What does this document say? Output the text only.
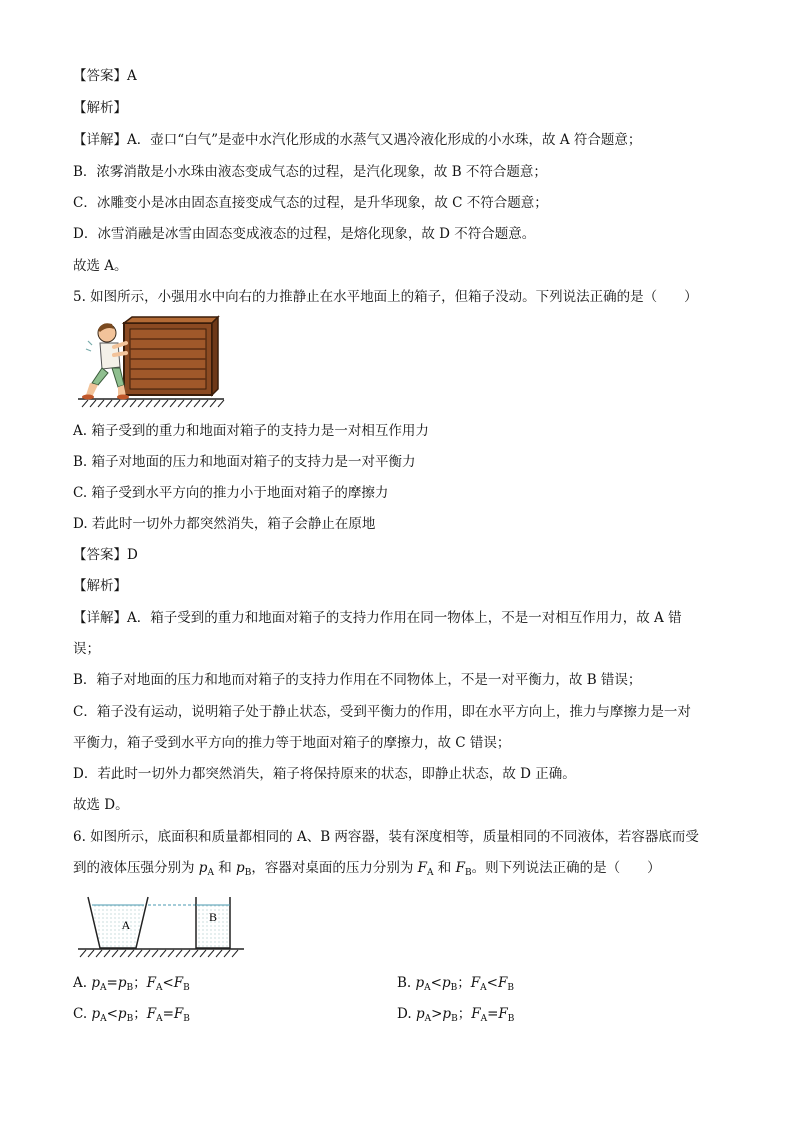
【答案】A
【解析】
【详解】A．壶口“白气”是壶中水汽化形成的水蒸气又遇冷液化形成的小水珠，故 A 符合题意；
B．浓雾消散是小水珠由液态变成气态的过程，是汽化现象，故 B 不符合题意；
C．冰雕变小是冰由固态直接变成气态的过程，是升华现象，故 C 不符合题意；
D．冰雪消融是冰雪由固态变成液态的过程，是熔化现象，故 D 不符合题意。
故选 A。
5. 如图所示，小强用水中向右的力推静止在水平地面上的箱子，但箱子没动。下列说法正确的是（　　）
A. 箱子受到的重力和地面对箱子的支持力是一对相互作用力
B. 箱子对地面的压力和地面对箱子的支持力是一对平衡力
C. 箱子受到水平方向的推力小于地面对箱子的摩擦力
D. 若此时一切外力都突然消失，箱子会静止在原地
【答案】D
【解析】
【详解】A．箱子受到的重力和地面对箱子的支持力作用在同一物体上，不是一对相互作用力，故 A 错
误；
B．箱子对地面的压力和地而对箱子的支持力作用在不同物体上，不是一对平衡力，故 B 错误；
C．箱子没有运动，说明箱子处于静止状态，受到平衡力的作用，即在水平方向上，推力与摩擦力是一对
平衡力，箱子受到水平方向的推力等于地面对箱子的摩擦力，故 C 错误；
D．若此时一切外力都突然消失，箱子将保持原来的状态，即静止状态，故 D 正确。
故选 D。
6. 如图所示，底面积和质量都相同的 A、B 两容器，装有深度相等，质量相同的不同液体，若容器底而受
到的液体压强分别为 $p_A$ 和 $p_B$，容器对桌面的压力分别为 $F_A$ 和 $F_B$。则下列说法正确的是（　　）
A
B
A. $p_A=p_B$；$F_A<F_B$	B. $p_A<p_B$；$F_A<F_B$
C. $p_A<p_B$；$F_A=F_B$	D. $p_A>p_B$；$F_A=F_B$
